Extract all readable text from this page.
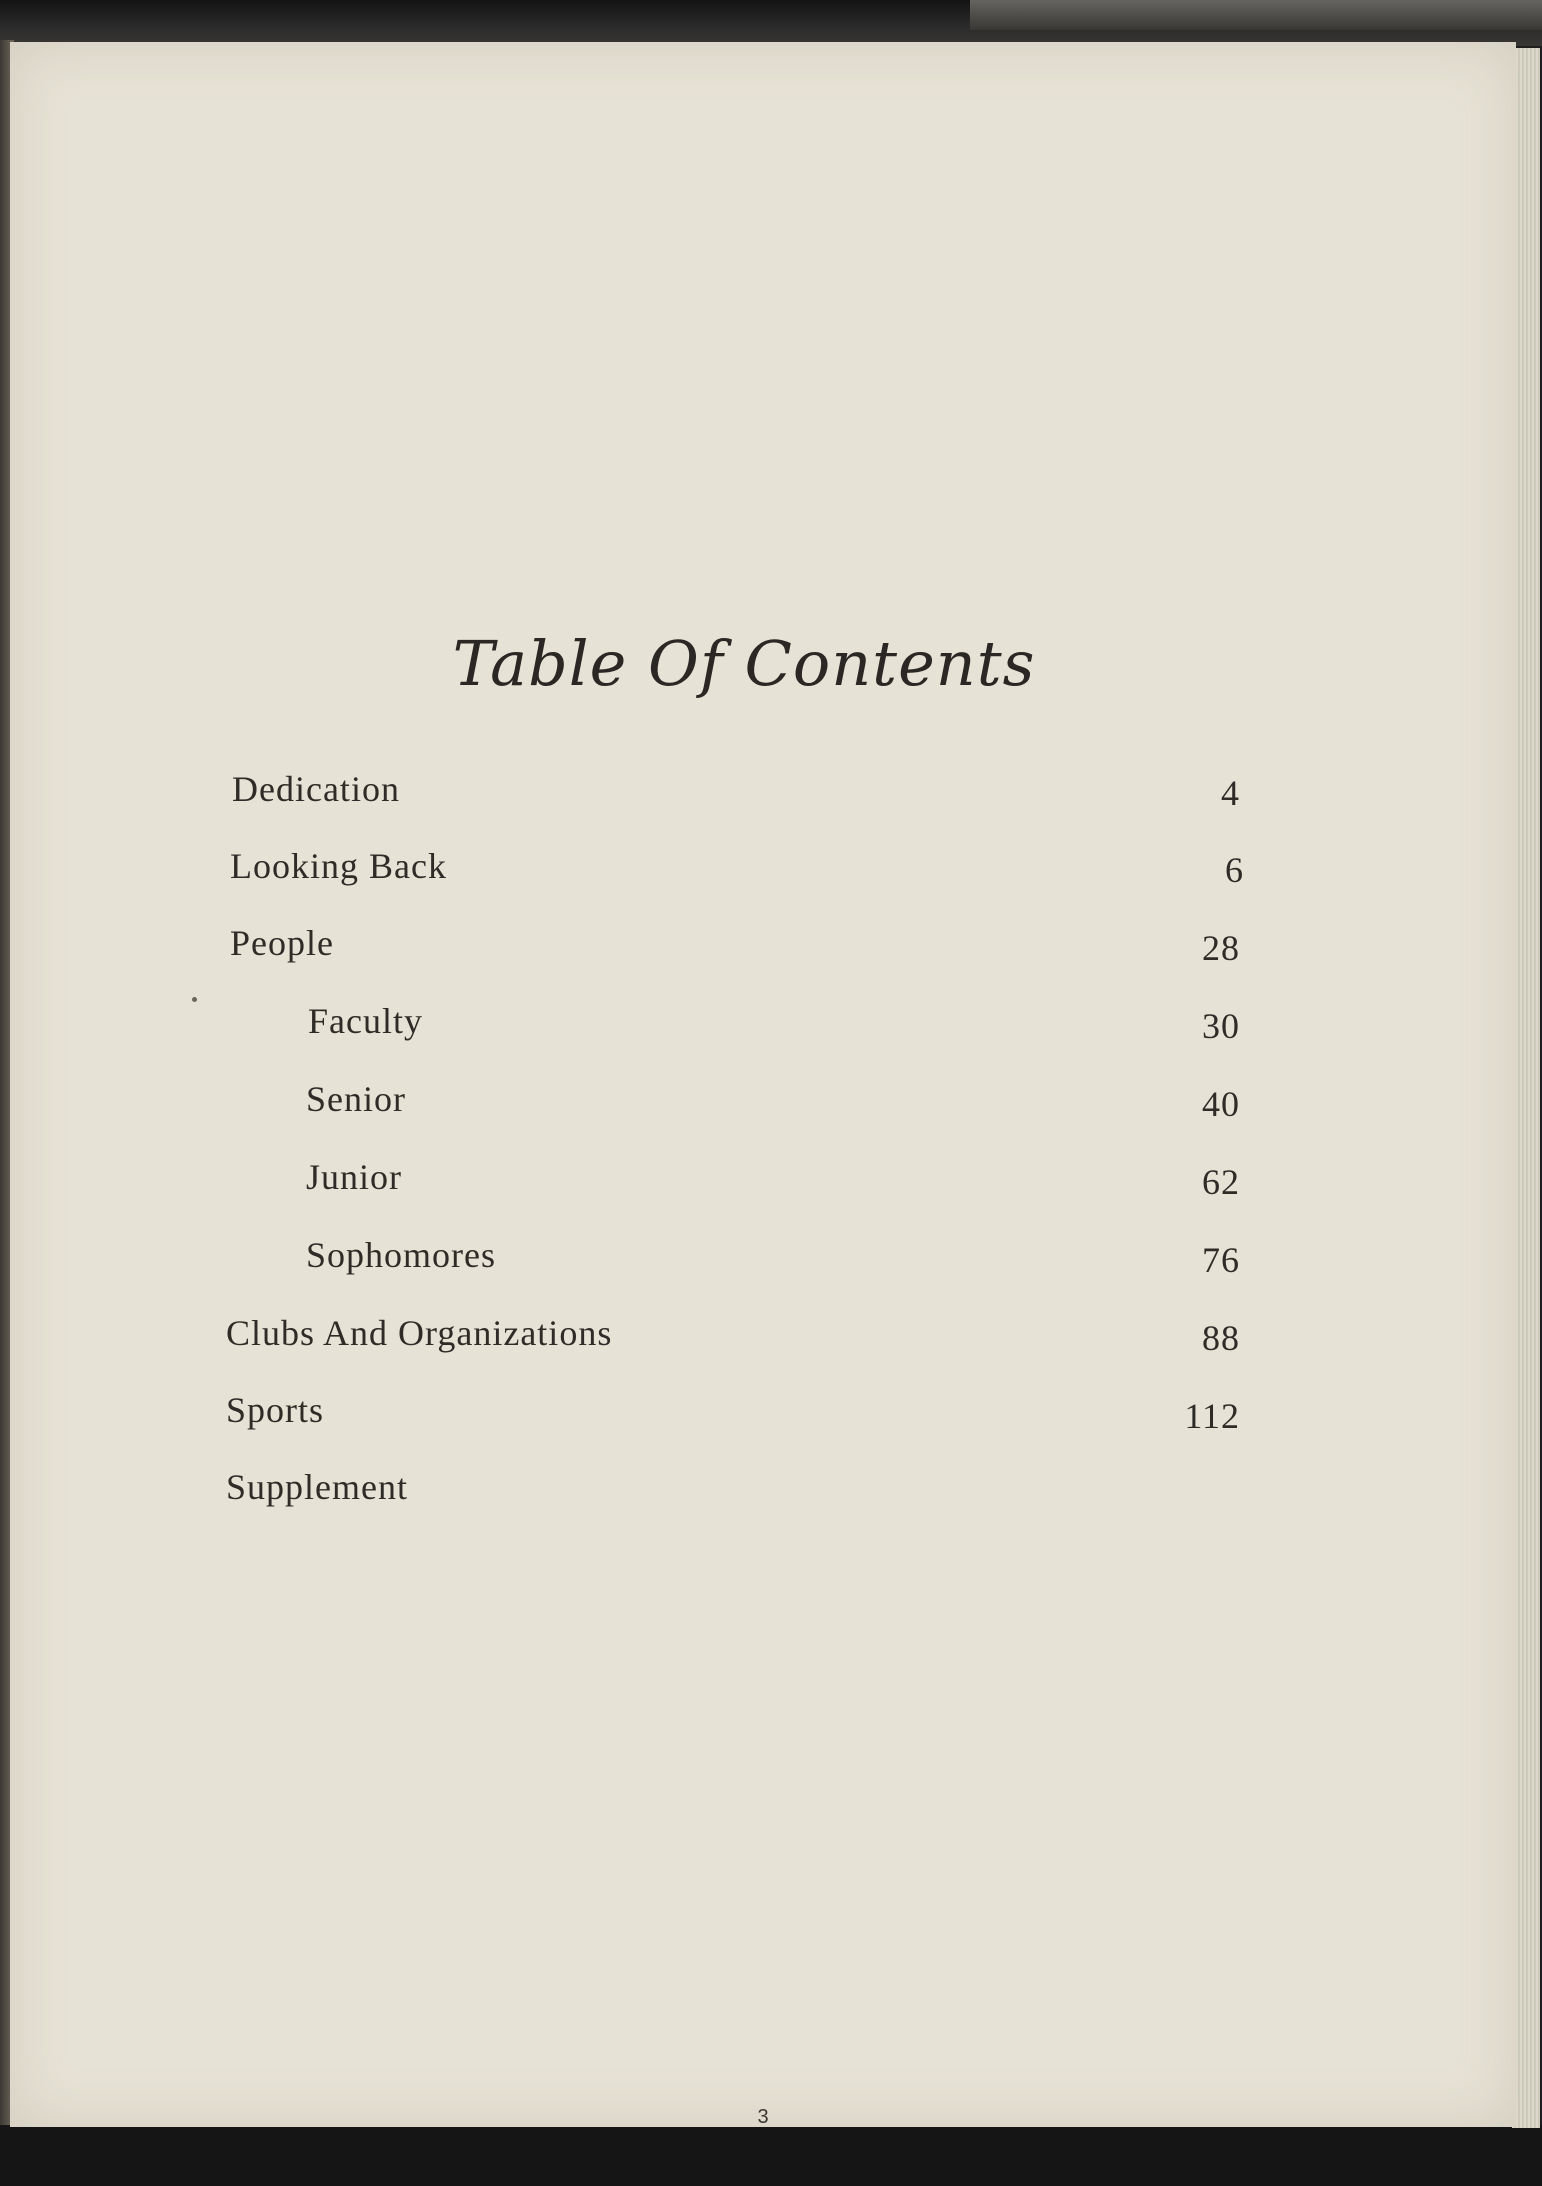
Table Of Contents
Dedication	4
Looking Back	6
People	28
Faculty	30
Senior	40
Junior	62
Sophomores	76
Clubs And Organizations	88
Sports	112
Supplement
3
